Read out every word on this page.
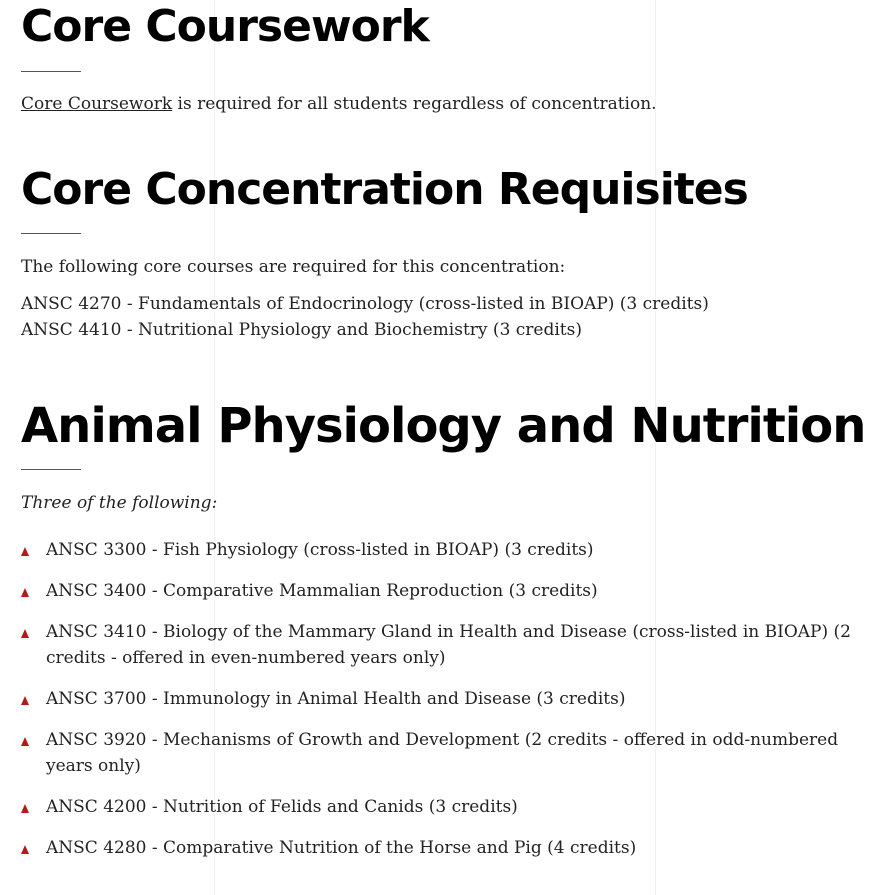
Core Coursework

Core Coursework is required for all students regardless of concentration.

Core Concentration Requisites

The following core courses are required for this concentration:

ANSC 4270 - Fundamentals of Endocrinology (cross-listed in BIOAP) (3 credits)
ANSC 4410 - Nutritional Physiology and Biochemistry (3 credits)
Animal Physiology and Nutrition

Three of the following:

ANSC 3300 - Fish Physiology (cross-listed in BIOAP) (3 credits)
ANSC 3400 - Comparative Mammalian Reproduction (3 credits)
ANSC 3410 - Biology of the Mammary Gland in Health and Disease (cross-listed in BIOAP) (2 credits - offered in even-numbered years only)
ANSC 3700 - Immunology in Animal Health and Disease (3 credits)
ANSC 3920 - Mechanisms of Growth and Development (2 credits - offered in odd-numbered years only)
ANSC 4200 - Nutrition of Felids and Canids (3 credits)
ANSC 4280 - Comparative Nutrition of the Horse and Pig (4 credits)
